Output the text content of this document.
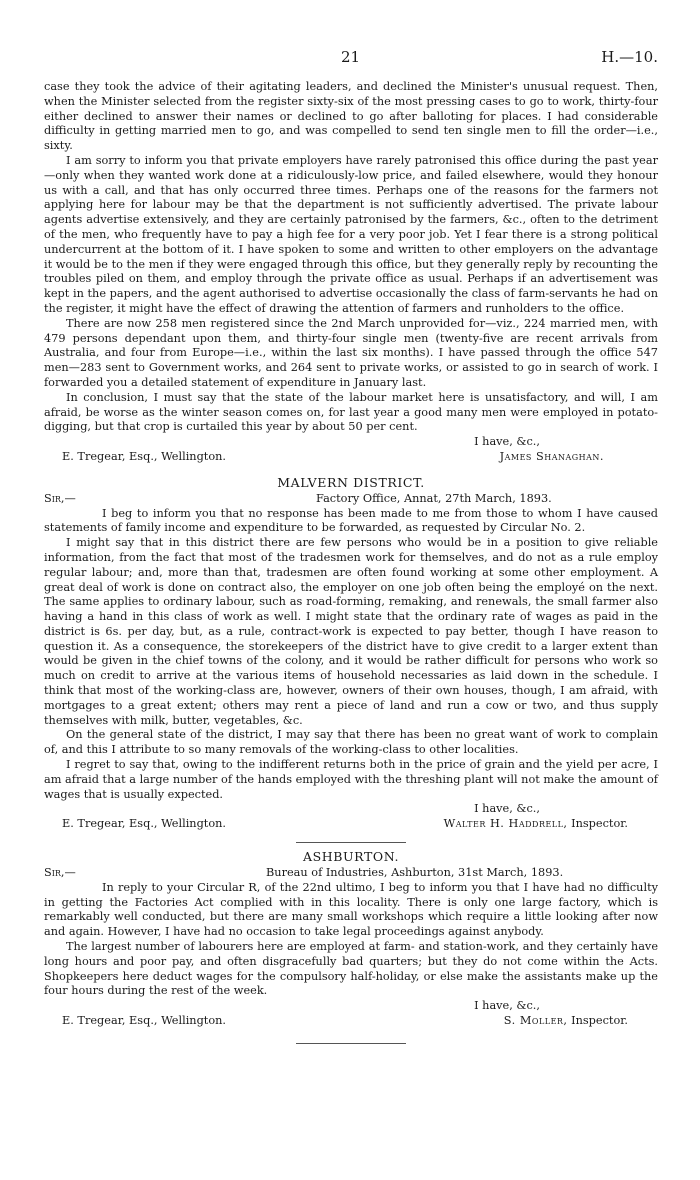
21	H.—10.

case they took the advice of their agitating leaders, and declined the Minister's unusual request. Then, when the Minister selected from the register sixty-six of the most pressing cases to go to work, thirty-four either declined to answer their names or declined to go after balloting for places. I had considerable difficulty in getting married men to go, and was compelled to send ten single men to fill the order—i.e., sixty.

I am sorry to inform you that private employers have rarely patronised this office during the past year—only when they wanted work done at a ridiculously-low price, and failed elsewhere, would they honour us with a call, and that has only occurred three times. Perhaps one of the reasons for the farmers not applying here for labour may be that the department is not sufficiently advertised. The private labour agents advertise extensively, and they are certainly patronised by the farmers, &c., often to the detriment of the men, who frequently have to pay a high fee for a very poor job. Yet I fear there is a strong political undercurrent at the bottom of it. I have spoken to some and written to other employers on the advantage it would be to the men if they were engaged through this office, but they generally reply by recounting the troubles piled on them, and employ through the private office as usual. Perhaps if an advertisement was kept in the papers, and the agent authorised to advertise occasionally the class of farm-servants he had on the register, it might have the effect of drawing the attention of farmers and runholders to the office.

There are now 258 men registered since the 2nd March unprovided for—viz., 224 married men, with 479 persons dependant upon them, and thirty-four single men (twenty-five are recent arrivals from Australia, and four from Europe—i.e., within the last six months). I have passed through the office 547 men—283 sent to Government works, and 264 sent to private works, or assisted to go in search of work. I forwarded you a detailed statement of expenditure in January last.

In conclusion, I must say that the state of the labour market here is unsatisfactory, and will, I am afraid, be worse as the winter season comes on, for last year a good many men were employed in potato-digging, but that crop is curtailed this year by about 50 per cent.

I have, &c.,
E. Tregear, Esq., Wellington.	James Shanaghan.
MALVERN DISTRICT.
Sir,—	Factory Office, Annat, 27th March, 1893.

I beg to inform you that no response has been made to me from those to whom I have caused statements of family income and expenditure to be forwarded, as requested by Circular No. 2.

I might say that in this district there are few persons who would be in a position to give reliable information, from the fact that most of the tradesmen work for themselves, and do not as a rule employ regular labour; and, more than that, tradesmen are often found working at some other employment. A great deal of work is done on contract also, the employer on one job often being the employé on the next. The same applies to ordinary labour, such as road-forming, remaking, and renewals, the small farmer also having a hand in this class of work as well. I might state that the ordinary rate of wages as paid in the district is 6s. per day, but, as a rule, contract-work is expected to pay better, though I have reason to question it. As a consequence, the storekeepers of the district have to give credit to a larger extent than would be given in the chief towns of the colony, and it would be rather difficult for persons who work so much on credit to arrive at the various items of household necessaries as laid down in the schedule. I think that most of the working-class are, however, owners of their own houses, though, I am afraid, with mortgages to a great extent; others may rent a piece of land and run a cow or two, and thus supply themselves with milk, butter, vegetables, &c.

On the general state of the district, I may say that there has been no great want of work to complain of, and this I attribute to so many removals of the working-class to other localities.

I regret to say that, owing to the indifferent returns both in the price of grain and the yield per acre, I am afraid that a large number of the hands employed with the threshing plant will not make the amount of wages that is usually expected.

I have, &c.,
E. Tregear, Esq., Wellington.	Walter H. Haddrell, Inspector.
ASHBURTON.
Sir,—	Bureau of Industries, Ashburton, 31st March, 1893.

In reply to your Circular R, of the 22nd ultimo, I beg to inform you that I have had no difficulty in getting the Factories Act complied with in this locality. There is only one large factory, which is remarkably well conducted, but there are many small workshops which require a little looking after now and again. However, I have had no occasion to take legal proceedings against anybody.

The largest number of labourers here are employed at farm- and station-work, and they certainly have long hours and poor pay, and often disgracefully bad quarters; but they do not come within the Acts. Shopkeepers here deduct wages for the compulsory half-holiday, or else make the assistants make up the four hours during the rest of the week.

I have, &c.,
E. Tregear, Esq., Wellington.	S. Moller, Inspector.
